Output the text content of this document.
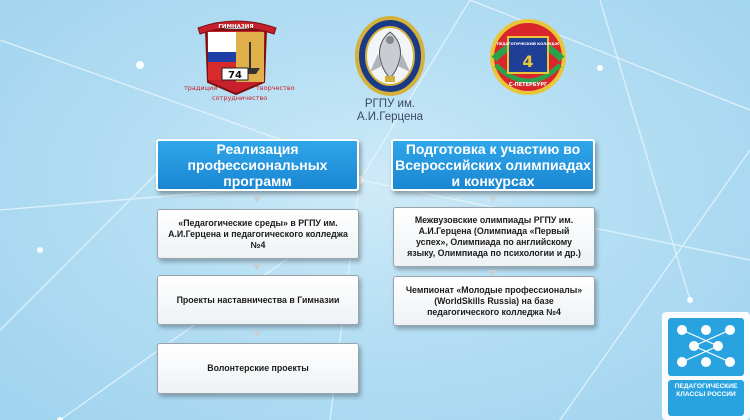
74
ГИМНАЗИЯ
традиции	творчество
сотрудничество	РГПУ им. А.И.Герцена
ПЕДАГОГИЧЕСКИЙ КОЛЛЕДЖ
4
С-ПЕТЕРБУРГ
Реализация профессиональных программ
«Педагогические среды» в РГПУ им. А.И.Герцена и педагогического колледжа №4
Проекты наставничества в Гимназии
Волонтерские проекты
Подготовка к участию во Всероссийских олимпиадах и конкурсах
Межвузовские олимпиады РГПУ им. А.И.Герцена (Олимпиада «Первый успех», Олимпиада по английскому языку, Олимпиада по психологии и др.)
Чемпионат «Молодые профессионалы» (WorldSkills Russia) на базе педагогического колледжа №4
ПЕДАГОГИЧЕСКИЕ КЛАССЫ РОССИИ
